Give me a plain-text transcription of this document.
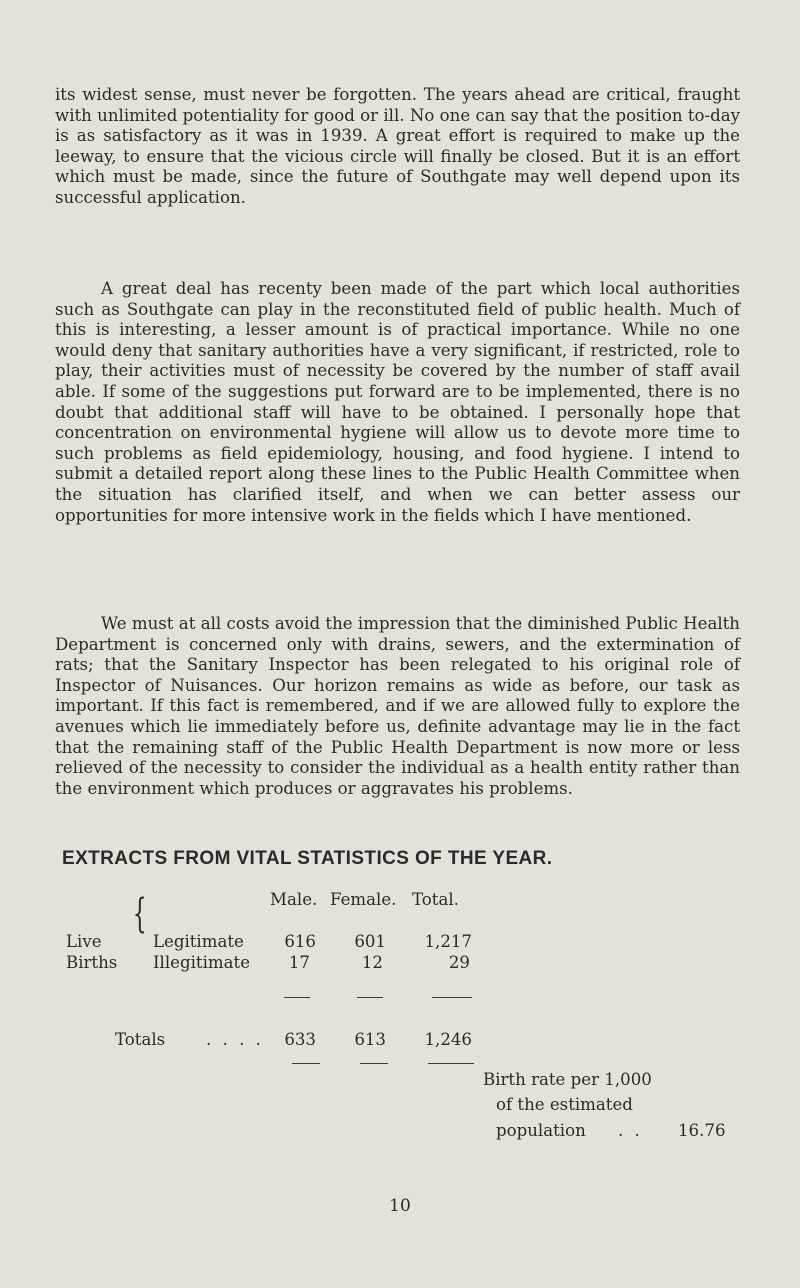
its widest sense, must never be forgotten. The years ahead are critical, fraught with unlimited potentiality for good or ill. No one can say that the position to-day is as satisfactory as it was in 1939. A great effort is required to make up the leeway, to ensure that the vicious circle will finally be closed. But it is an effort which must be made, since the future of Southgate may well depend upon its successful application.

A great deal has recenty been made of the part which local authorities such as Southgate can play in the reconstituted field of public health. Much of this is interesting, a lesser amount is of practical importance. While no one would deny that sanitary authorities have a very significant, if restricted, role to play, their activities must of necessity be covered by the number of staff avail able. If some of the suggestions put forward are to be implemented, there is no doubt that additional staff will have to be obtained. I personally hope that concentration on environmental hygiene will allow us to devote more time to such problems as field epidemiology, housing, and food hygiene. I intend to submit a detailed report along these lines to the Public Health Committee when the situation has clarified itself, and when we can better assess our opportunities for more intensive work in the fields which I have mentioned.

We must at all costs avoid the impression that the diminished Public Health Department is concerned only with drains, sewers, and the extermination of rats; that the Sanitary Inspector has been relegated to his original role of Inspector of Nuisances. Our horizon remains as wide as before, our task as important. If this fact is remembered, and if we are allowed fully to explore the avenues which lie immediately before us, definite advantage may lie in the fact that the remaining staff of the Public Health Department is now more or less relieved of the necessity to consider the individual as a health entity rather than the environment which produces or aggravates his problems.

EXTRACTS FROM VITAL STATISTICS OF THE YEAR.
Male. Female. Total.
Live
Births
{
Legitimate	616	601	1,217
Illegitimate	17	12	29
Totals . . . .	633	613	1,246
Birth rate per 1,000
of the estimated
population . . 16.76
10
